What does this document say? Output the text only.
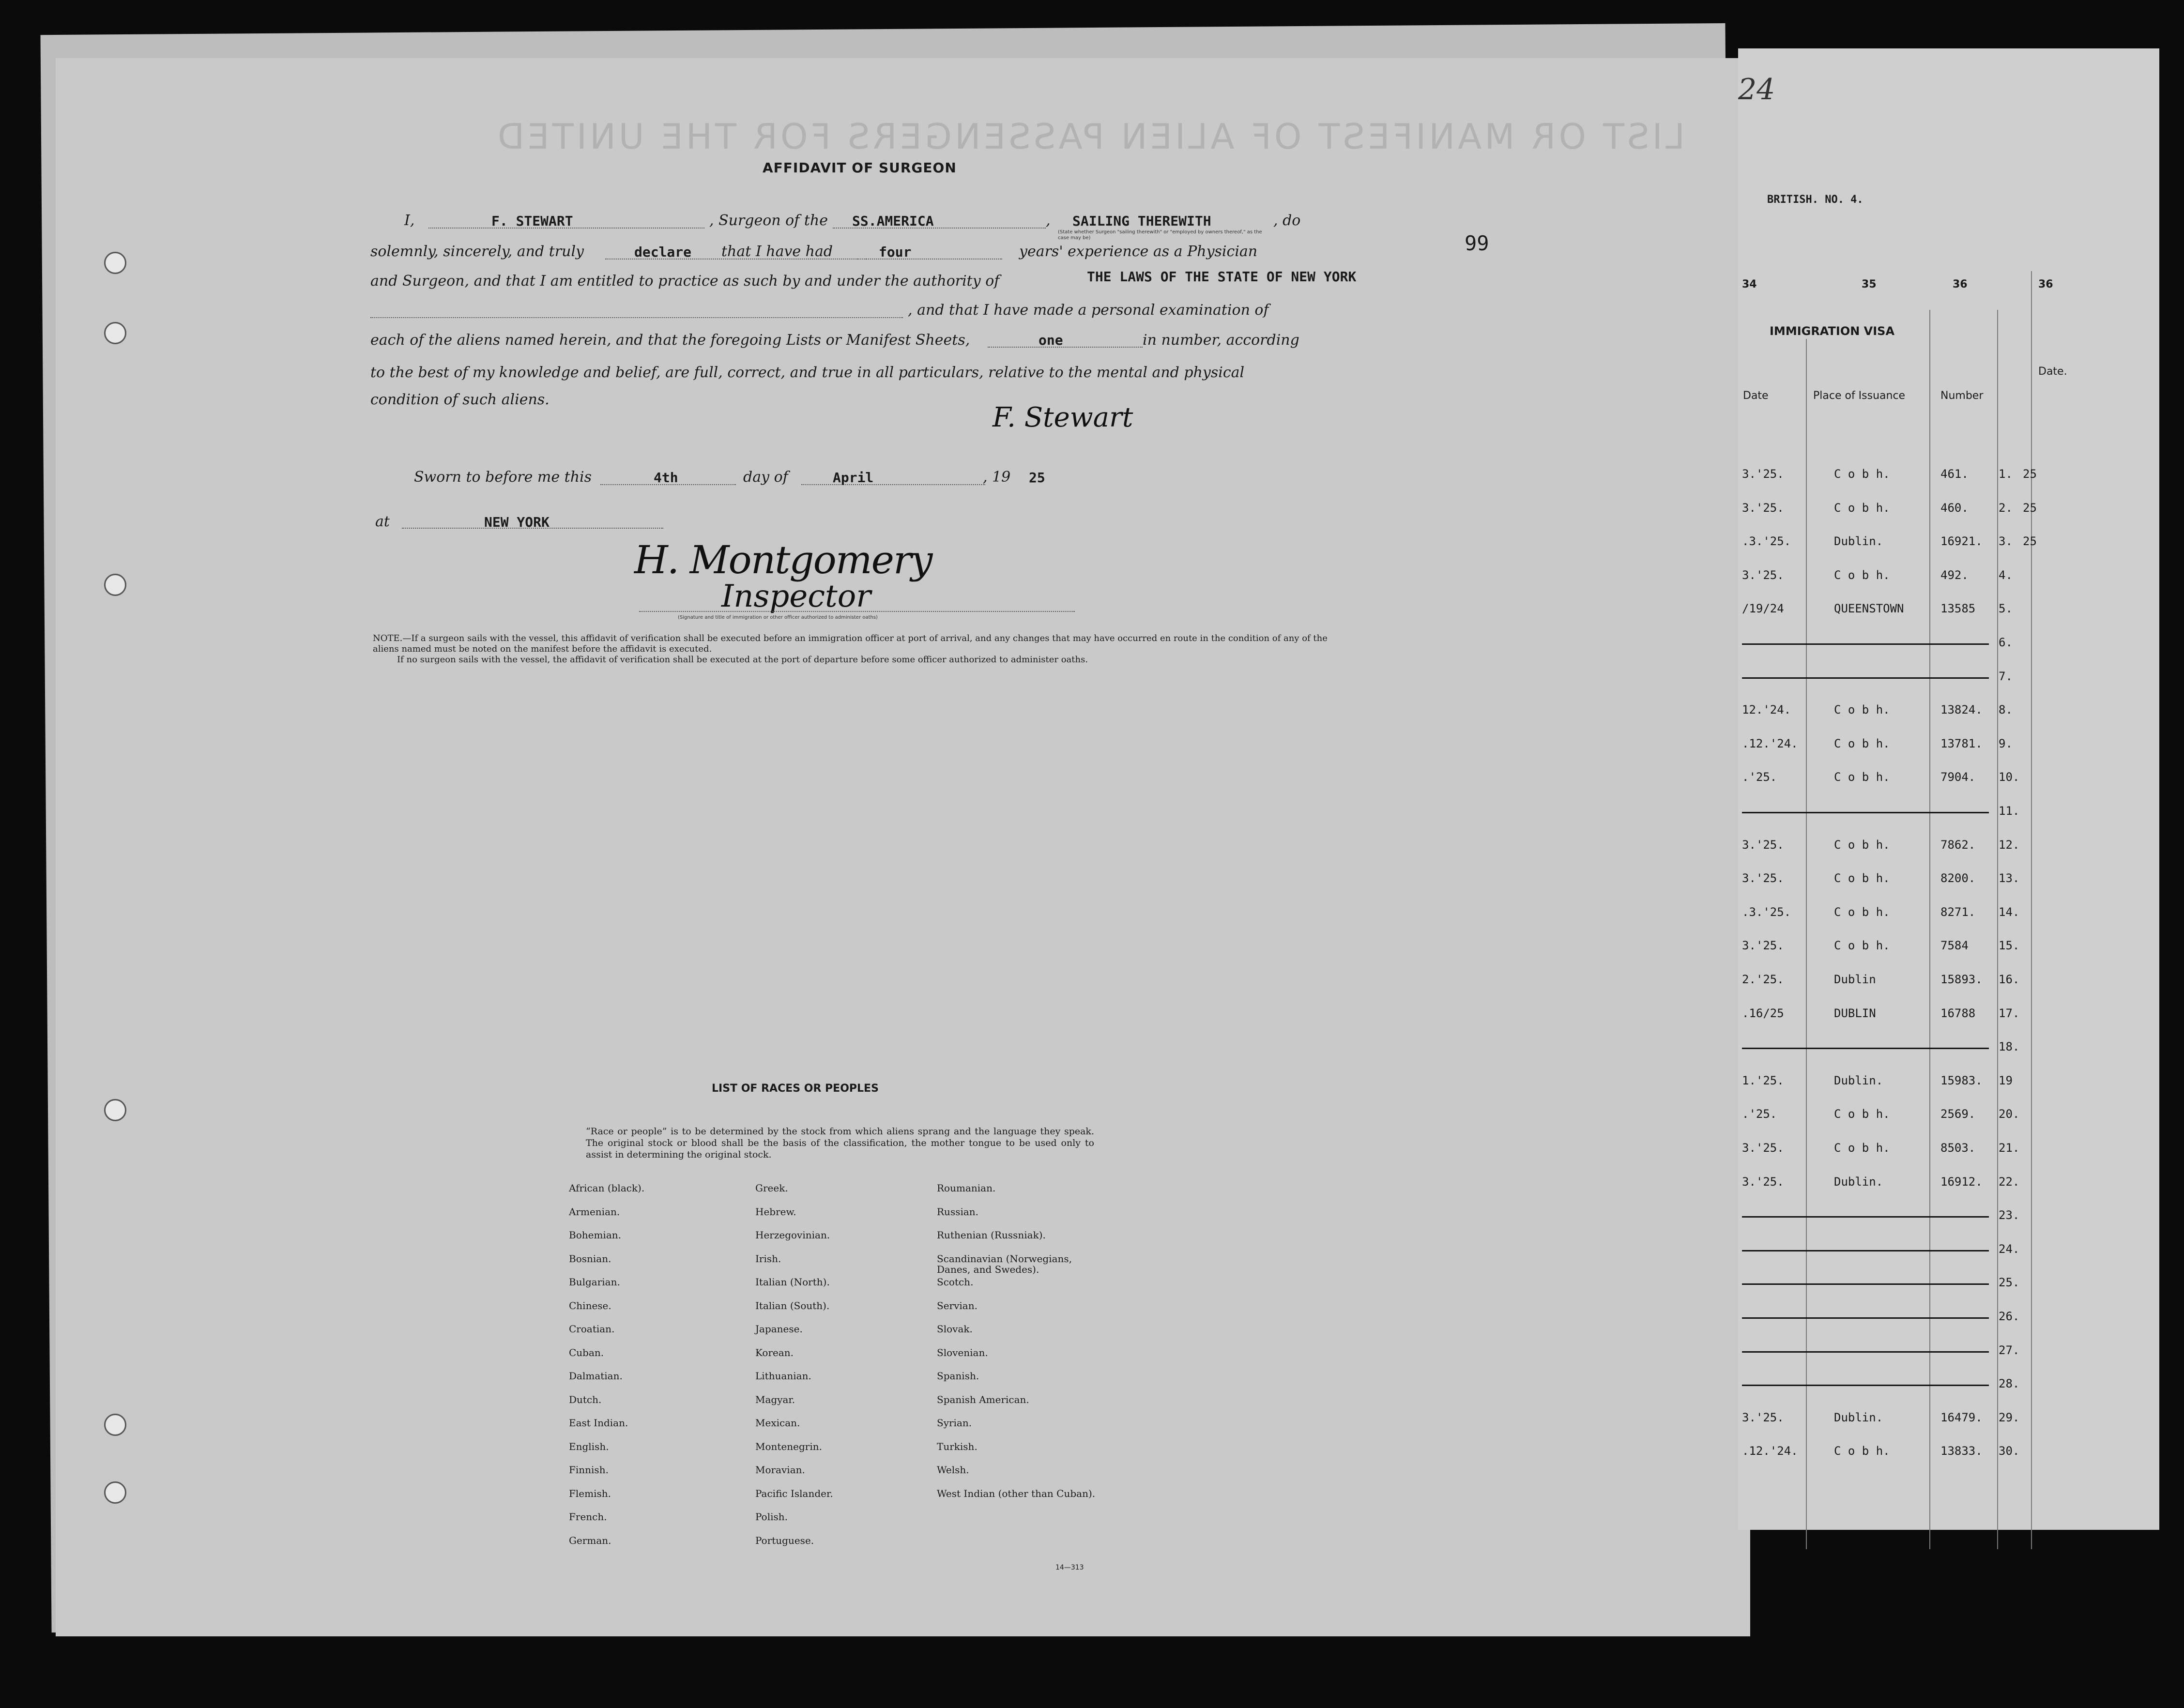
LIST OR MANIFEST OF ALIEN PASSENGERS FOR THE UNITED
AFFIDAVIT OF SURGEON
I,	F. STEWART	, Surgeon of the SS.AMERICA	, SAILING THEREWITH
(State whether Surgeon "sailing therewith" or "employed by owners thereof," as the case may be)
, do
solemnly, sincerely, and truly	declare that I have had	four	years' experience as a Physician
and Surgeon, and that I am entitled to practice as such by and under the authority of	THE LAWS OF THE STATE OF NEW YORK
, and that I have made a personal examination of
each of the aliens named herein, and that the foregoing Lists or Manifest Sheets,	one	in number, according
to the best of my knowledge and belief, are full, correct, and true in all particulars, relative to the mental and physical
condition of such aliens.
F. Stewart
99
Sworn to before me this	4th	day of	April	, 19 25
at	NEW YORK
H. Montgomery
Inspector
(Signature and title of immigration or other officer authorized to administer oaths)
NOTE.—If a surgeon sails with the vessel, this affidavit of verification shall be executed before an immigration officer at port of arrival, and any changes that may have occurred en route in the condition of any of the aliens named must be noted on the manifest before the affidavit is executed.
If no surgeon sails with the vessel, the affidavit of verification shall be executed at the port of departure before some officer authorized to administer oaths.
LIST OF RACES OR PEOPLES
“Race or people” is to be determined by the stock from which aliens sprang and the language they speak. The original stock or blood shall be the basis of the classification, the mother tongue to be used only to assist in determining the original stock.
African (black).
Armenian.
Bohemian.
Bosnian.
Bulgarian.
Chinese.
Croatian.
Cuban.
Dalmatian.
Dutch.
East Indian.
English.
Finnish.
Flemish.
French.
German.
Greek.
Hebrew.
Herzegovinian.
Irish.
Italian (North).
Italian (South).
Japanese.
Korean.
Lithuanian.
Magyar.
Mexican.
Montenegrin.
Moravian.
Pacific Islander.
Polish.
Portuguese.
Roumanian.
Russian.
Ruthenian (Russniak).
Scandinavian (Norwegians, Danes, and Swedes).
Scotch.
Servian.
Slovak.
Slovenian.
Spanish.
Spanish American.
Syrian.
Turkish.
Welsh.
West Indian (other than Cuban).
14—313
24
BRITISH. NO. 4.
34	35	36	36
IMMIGRATION VISA
Date	Place of Issuance	Number
Date.
3.'25.	C o b h.	461.	1. 25
3.'25.	C o b h.	460.	2. 25
.3.'25.	Dublin.	16921. 3. 25
3.'25.	C o b h.	492.	4.
/19/24	QUEENSTOWN	13585 5.
6.
7.
12.'24.	C o b h.	13824. 8.
.12.'24.	C o b h.	13781. 9.
.'25.	C o b h.	7904. 10.
11.
3.'25.	C o b h.	7862. 12.
3.'25.	C o b h.	8200. 13.
.3.'25.	C o b h.	8271. 14.
3.'25.	C o b h.	7584	15.
2.'25.	Dublin	15893. 16.
.16/25	DUBLIN	16788 17.
18.
1.'25.	Dublin.	15983. 19
.'25.	C o b h.	2569. 20.
3.'25.	C o b h.	8503. 21.
3.'25.	Dublin.	16912. 22.
23.
24.
25.
26.
27.
28.
3.'25.	Dublin.	16479. 29.
.12.'24.	C o b h.	13833. 30.
